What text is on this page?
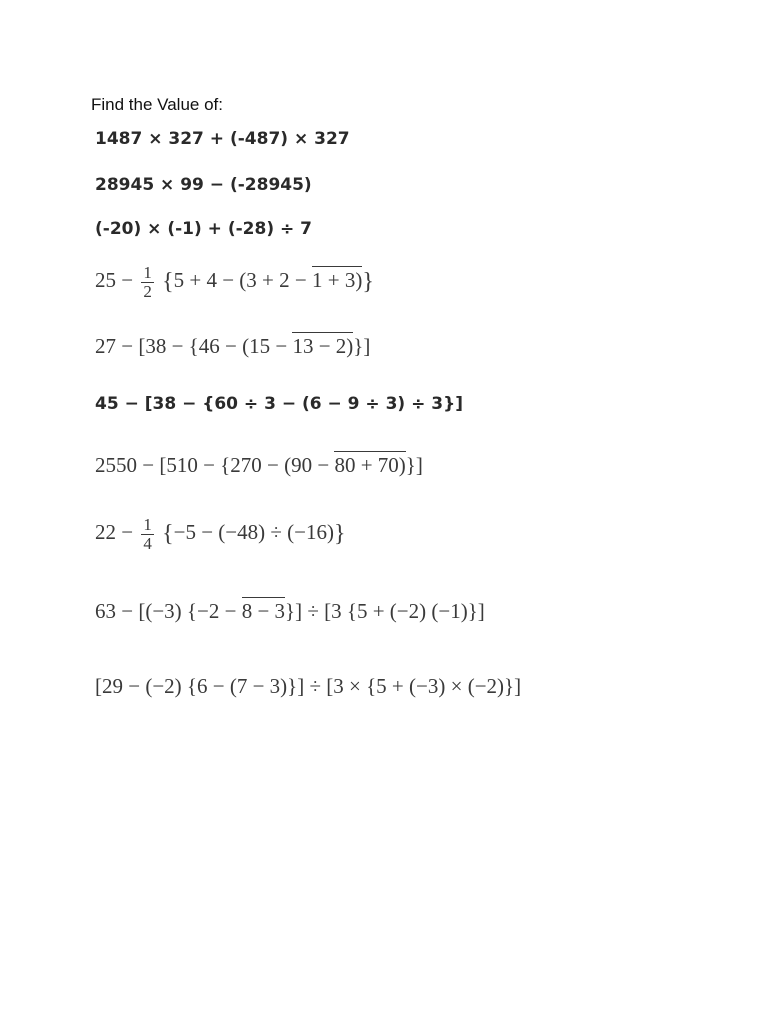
Find the Value of:
1487 × 327 + (-487) × 327
28945 × 99 − (-28945)
(-20) × (-1) + (-28) ÷ 7
$25 - \frac{1}{2} \{5 + 4 - (3 + 2 - 1 + 3)\}$
27 − [38 − {46 − (15 − 13 − 2)}]
45 − [38 − {60 ÷ 3 − (6 − 9 ÷ 3) ÷ 3}]
2550 − [510 − {270 − (90 − 80 + 70)}]
$22 - \frac{1}{4} \{-5 - (-48) \div (-16)\}$
63 − [(−3) {−2 − 8 − 3}] ÷ [3 {5 + (−2) (−1)}]
[29 − (−2) {6 − (7 − 3)}] ÷ [3 × {5 + (−3) × (−2)}]
